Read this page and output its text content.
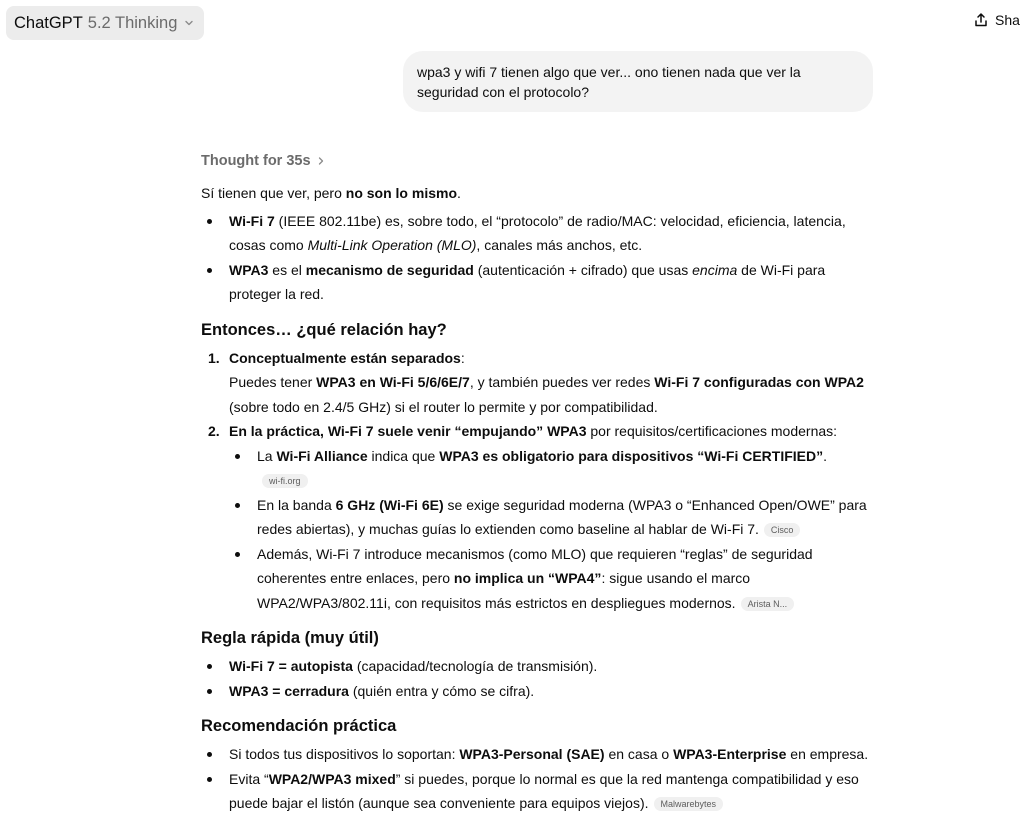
ChatGPT 5.2 Thinking	Sha
wpa3 y wifi 7 tienen algo que ver... ono tienen nada que ver la seguridad con el protocolo?
Thought for 35s
Sí tienen que ver, pero no son lo mismo.
Wi-Fi 7 (IEEE 802.11be) es, sobre todo, el “protocolo” de radio/MAC: velocidad, eficiencia, latencia, cosas como Multi-Link Operation (MLO), canales más anchos, etc.
WPA3 es el mecanismo de seguridad (autenticación + cifrado) que usas encima de Wi-Fi para proteger la red.
Entonces… ¿qué relación hay?
1. Conceptualmente están separados:
Puedes tener WPA3 en Wi-Fi 5/6/6E/7, y también puedes ver redes Wi-Fi 7 configuradas con WPA2 (sobre todo en 2.4/5 GHz) si el router lo permite y por compatibilidad.
2. En la práctica, Wi-Fi 7 suele venir “empujando” WPA3 por requisitos/certificaciones modernas:
La Wi-Fi Alliance indica que WPA3 es obligatorio para dispositivos “Wi-Fi CERTIFIED”.wi-fi.org
En la banda 6 GHz (Wi-Fi 6E) se exige seguridad moderna (WPA3 o “Enhanced Open/OWE” para redes abiertas), y muchas guías lo extienden como baseline al hablar de Wi-Fi 7. Cisco
Además, Wi-Fi 7 introduce mecanismos (como MLO) que requieren “reglas” de seguridad coherentes entre enlaces, pero no implica un “WPA4”: sigue usando el marco WPA2/WPA3/802.11i, con requisitos más estrictos en despliegues modernos. Arista N...
Regla rápida (muy útil)
Wi-Fi 7 = autopista (capacidad/tecnología de transmisión).
WPA3 = cerradura (quién entra y cómo se cifra).
Recomendación práctica
Si todos tus dispositivos lo soportan: WPA3-Personal (SAE) en casa o WPA3-Enterprise en empresa.
Evita “WPA2/WPA3 mixed” si puedes, porque lo normal es que la red mantenga compatibilidad y eso puede bajar el listón (aunque sea conveniente para equipos viejos). Malwarebytes
